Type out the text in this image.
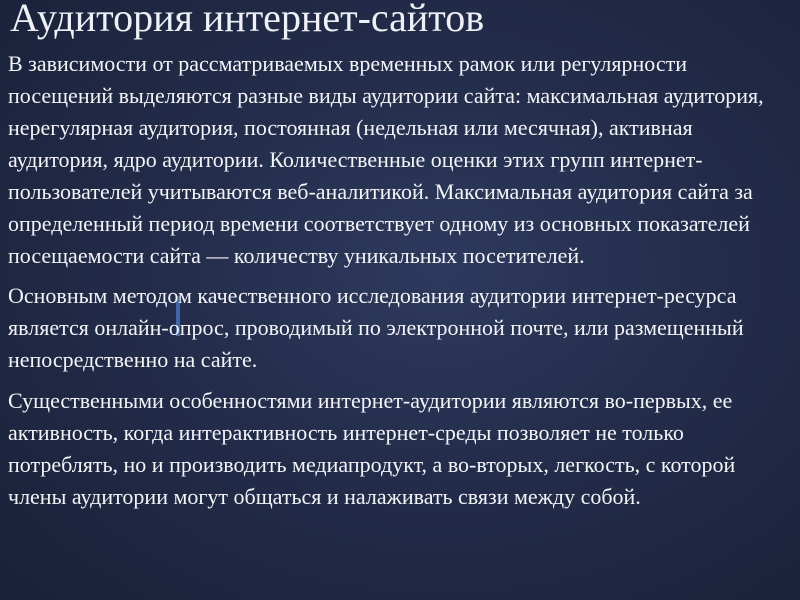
Аудитория интернет-сайтов

В зависимости от рассматриваемых временных рамок или регулярности посещений выделяются разные виды аудитории сайта: максимальная аудитория, нерегулярная аудитория, постоянная (недельная или месячная), активная аудитория, ядро аудитории. Количественные оценки этих групп интернет-пользователей учитываются веб-аналитикой. Максимальная аудитория сайта за определенный период времени соответствует одному из основных показателей посещаемости сайта — количеству уникальных посетителей.

Основным методом качественного исследования аудитории интернет-ресурса является онлайн-опрос, проводимый по электронной почте, или размещенный непосредственно на сайте.

Существенными особенностями интернет-аудитории являются во-первых, ее активность, когда интерактивность интернет-среды позволяет не только потреблять, но и производить медиапродукт, а во-вторых, легкость, с которой члены аудитории могут общаться и налаживать связи между собой.
